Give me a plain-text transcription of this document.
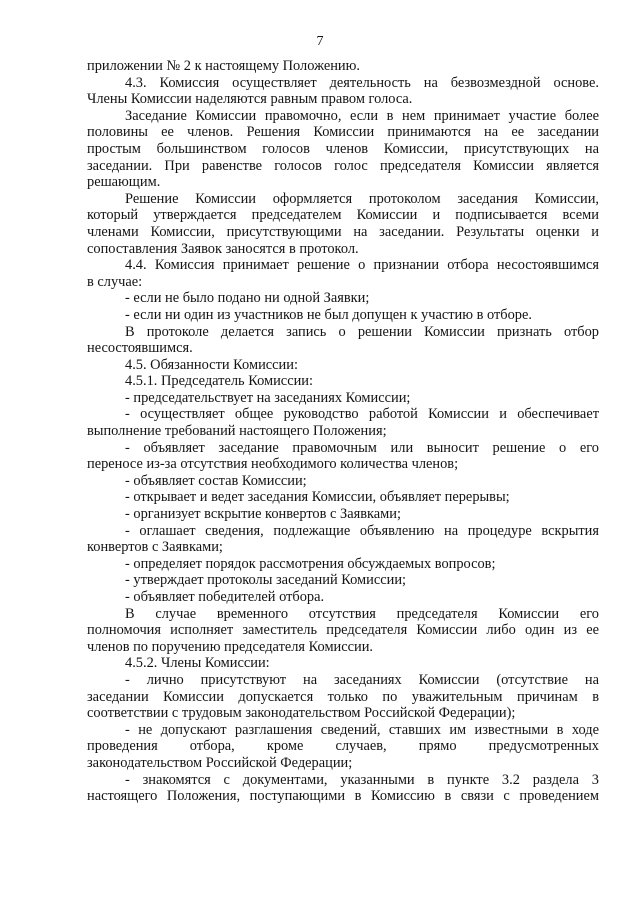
7
приложении № 2 к настоящему Положению.
4.3. Комиссия осуществляет деятельность на безвозмездной основе.
Члены Комиссии наделяются равным правом голоса.
Заседание Комиссии правомочно, если в нем принимает участие более
половины ее членов. Решения Комиссии принимаются на ее заседании
простым большинством голосов членов Комиссии, присутствующих на
заседании. При равенстве голосов голос председателя Комиссии является
решающим.
Решение Комиссии оформляется протоколом заседания Комиссии,
который утверждается председателем Комиссии и подписывается всеми
членами Комиссии, присутствующими на заседании. Результаты оценки и
сопоставления Заявок заносятся в протокол.
4.4. Комиссия принимает решение о признании отбора несостоявшимся
в случае:
- если не было подано ни одной Заявки;
- если ни один из участников не был допущен к участию в отборе.
В протоколе делается запись о решении Комиссии признать отбор
несостоявшимся.
4.5. Обязанности Комиссии:
4.5.1. Председатель Комиссии:
- председательствует на заседаниях Комиссии;
- осуществляет общее руководство работой Комиссии и обеспечивает
выполнение требований настоящего Положения;
- объявляет заседание правомочным или выносит решение о его
переносе из-за отсутствия необходимого количества членов;
- объявляет состав Комиссии;
- открывает и ведет заседания Комиссии, объявляет перерывы;
- организует вскрытие конвертов с Заявками;
- оглашает сведения, подлежащие объявлению на процедуре вскрытия
конвертов с Заявками;
- определяет порядок рассмотрения обсуждаемых вопросов;
- утверждает протоколы заседаний Комиссии;
- объявляет победителей отбора.
В случае временного отсутствия председателя Комиссии его
полномочия исполняет заместитель председателя Комиссии либо один из ее
членов по поручению председателя Комиссии.
4.5.2. Члены Комиссии:
- лично присутствуют на заседаниях Комиссии (отсутствие на
заседании Комиссии допускается только по уважительным причинам в
соответствии с трудовым законодательством Российской Федерации);
- не допускают разглашения сведений, ставших им известными в ходе
проведения отбора, кроме случаев, прямо предусмотренных
законодательством Российской Федерации;
- знакомятся с документами, указанными в пункте 3.2 раздела 3
настоящего Положения, поступающими в Комиссию в связи с проведением
